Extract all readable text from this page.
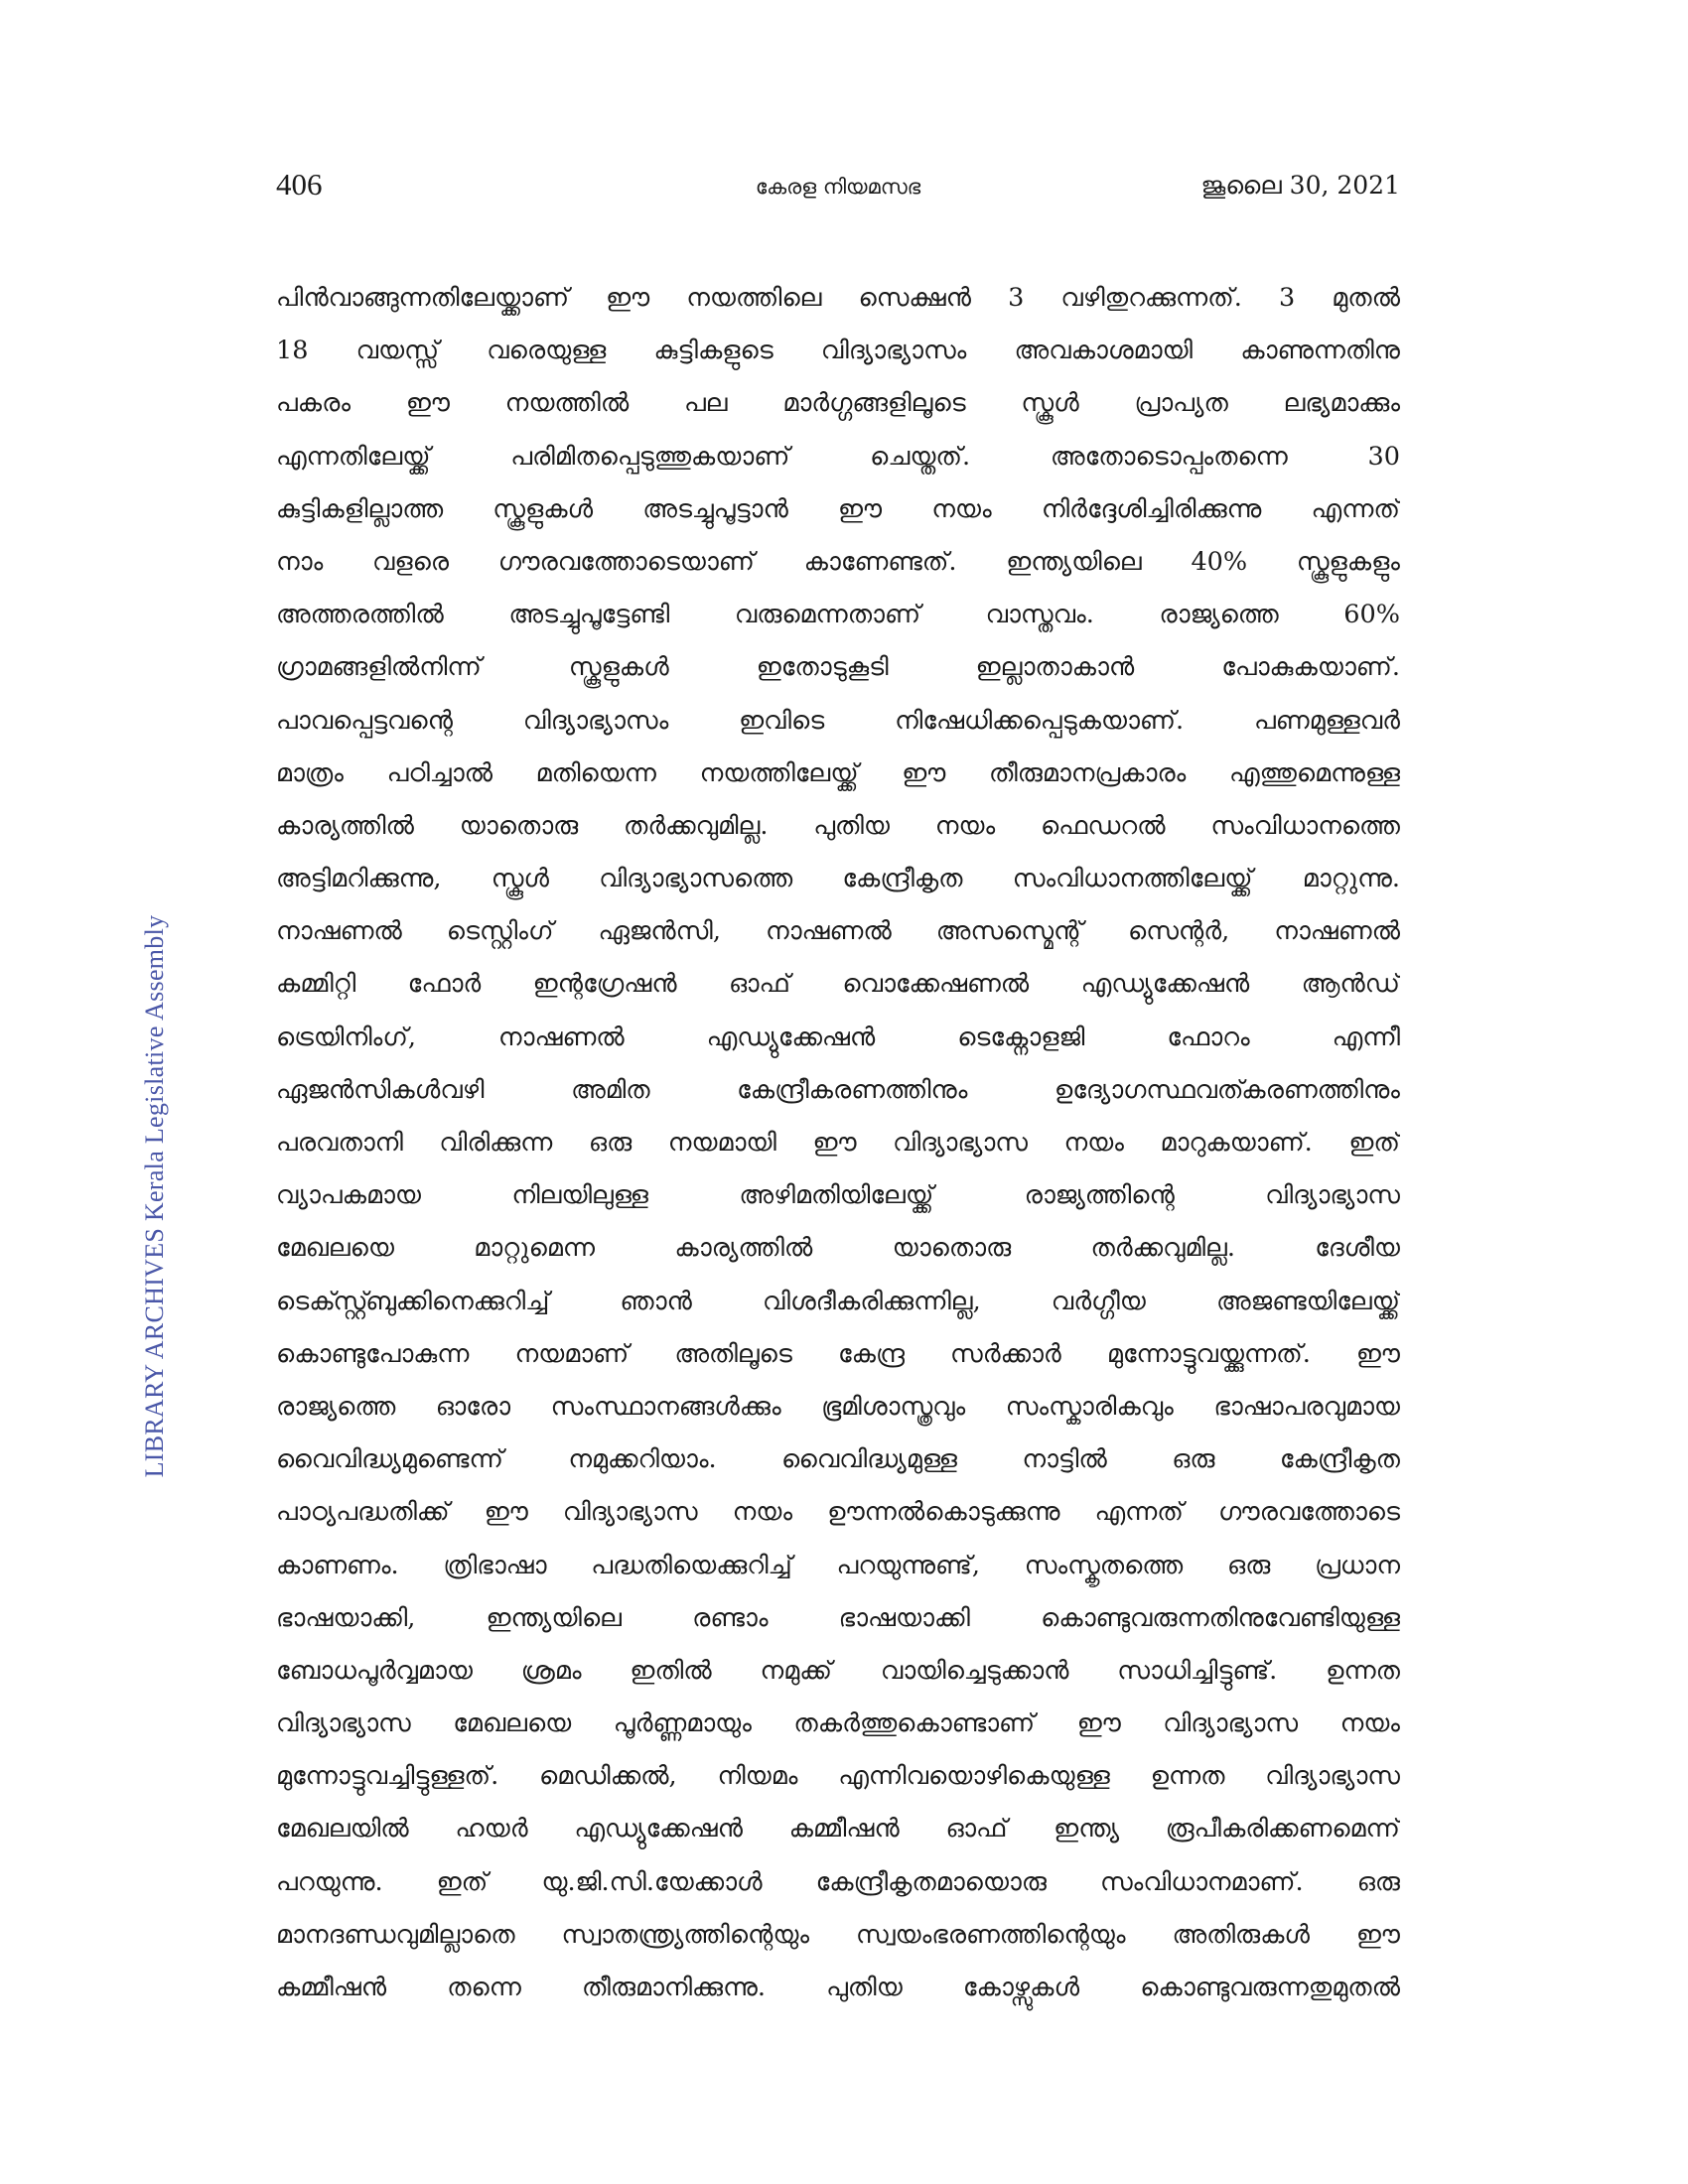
406	കേരള നിയമസഭ	ജൂലൈ 30, 2021
LIBRARY ARCHIVES Kerala Legislative Assembly
പിൻവാങ്ങുന്നതിലേയ്ക്കാണ് ഈ നയത്തിലെ സെക്ഷൻ 3 വഴിതുറക്കുന്നത്. 3 മുതൽ
18 വയസ്സ് വരെയുള്ള കുട്ടികളുടെ വിദ്യാഭ്യാസം അവകാശമായി കാണുന്നതിനു
പകരം ഈ നയത്തിൽ പല മാർഗ്ഗങ്ങളിലൂടെ സ്കൂൾ പ്രാപ്യത ലഭ്യമാക്കും
എന്നതിലേയ്ക്ക് പരിമിതപ്പെടുത്തുകയാണ് ചെയ്തത്. അതോടൊപ്പംതന്നെ 30
കുട്ടികളില്ലാത്ത സ്കൂളുകൾ അടച്ചുപൂട്ടാൻ ഈ നയം നിർദ്ദേശിച്ചിരിക്കുന്നു എന്നത്
നാം വളരെ ഗൗരവത്തോടെയാണ് കാണേണ്ടത്. ഇന്ത്യയിലെ 40% സ്കൂളുകളും
അത്തരത്തിൽ അടച്ചുപൂട്ടേണ്ടി വരുമെന്നതാണ് വാസ്തവം. രാജ്യത്തെ 60%
ഗ്രാമങ്ങളിൽനിന്ന് സ്കൂളുകൾ ഇതോടുകൂടി ഇല്ലാതാകാൻ പോകുകയാണ്.
പാവപ്പെട്ടവന്റെ വിദ്യാഭ്യാസം ഇവിടെ നിഷേധിക്കപ്പെടുകയാണ്. പണമുള്ളവർ
മാത്രം പഠിച്ചാൽ മതിയെന്ന നയത്തിലേയ്ക്ക് ഈ തീരുമാനപ്രകാരം എത്തുമെന്നുള്ള
കാര്യത്തിൽ യാതൊരു തർക്കവുമില്ല. പുതിയ നയം ഫെഡറൽ സംവിധാനത്തെ
അട്ടിമറിക്കുന്നു, സ്കൂൾ വിദ്യാഭ്യാസത്തെ കേന്ദ്രീകൃത സംവിധാനത്തിലേയ്ക്ക് മാറ്റുന്നു.
നാഷണൽ ടെസ്റ്റിംഗ് ഏജൻസി, നാഷണൽ അസസ്മെന്റ് സെന്റർ, നാഷണൽ
കമ്മിറ്റി ഫോർ ഇന്റഗ്രേഷൻ ഓഫ് വൊക്കേഷണൽ എഡ്യുക്കേഷൻ ആൻഡ്
ട്രെയിനിംഗ്, നാഷണൽ എഡ്യുക്കേഷൻ ടെക്നോളജി ഫോറം എന്നീ
ഏജൻസികൾവഴി അമിത കേന്ദ്രീകരണത്തിനും ഉദ്യോഗസ്ഥവത്കരണത്തിനും
പരവതാനി വിരിക്കുന്ന ഒരു നയമായി ഈ വിദ്യാഭ്യാസ നയം മാറുകയാണ്. ഇത്
വ്യാപകമായ നിലയിലുള്ള അഴിമതിയിലേയ്ക്ക് രാജ്യത്തിന്റെ വിദ്യാഭ്യാസ
മേഖലയെ മാറ്റുമെന്ന കാര്യത്തിൽ യാതൊരു തർക്കവുമില്ല. ദേശീയ
ടെക്സ്റ്റ്ബുക്കിനെക്കുറിച്ച് ഞാൻ വിശദീകരിക്കുന്നില്ല, വർഗ്ഗീയ അജണ്ടയിലേയ്ക്ക്
കൊണ്ടുപോകുന്ന നയമാണ് അതിലൂടെ കേന്ദ്ര സർക്കാർ മുന്നോട്ടുവയ്ക്കുന്നത്. ഈ
രാജ്യത്തെ ഓരോ സംസ്ഥാനങ്ങൾക്കും ഭൂമിശാസ്ത്രവും സംസ്കാരികവും ഭാഷാപരവുമായ
വൈവിദ്ധ്യമുണ്ടെന്ന് നമുക്കറിയാം. വൈവിദ്ധ്യമുള്ള നാട്ടിൽ ഒരു കേന്ദ്രീകൃത
പാഠ്യപദ്ധതിക്ക് ഈ വിദ്യാഭ്യാസ നയം ഊന്നൽകൊടുക്കുന്നു എന്നത് ഗൗരവത്തോടെ
കാണണം. ത്രിഭാഷാ പദ്ധതിയെക്കുറിച്ച് പറയുന്നുണ്ട്, സംസ്കൃതത്തെ ഒരു പ്രധാന
ഭാഷയാക്കി, ഇന്ത്യയിലെ രണ്ടാം ഭാഷയാക്കി കൊണ്ടുവരുന്നതിനുവേണ്ടിയുള്ള
ബോധപൂർവ്വമായ ശ്രമം ഇതിൽ നമുക്ക് വായിച്ചെടുക്കാൻ സാധിച്ചിട്ടുണ്ട്. ഉന്നത
വിദ്യാഭ്യാസ മേഖലയെ പൂർണ്ണമായും തകർത്തുകൊണ്ടാണ് ഈ വിദ്യാഭ്യാസ നയം
മുന്നോട്ടുവച്ചിട്ടുള്ളത്. മെഡിക്കൽ, നിയമം എന്നിവയൊഴികെയുള്ള ഉന്നത വിദ്യാഭ്യാസ
മേഖലയിൽ ഹയർ എഡ്യുക്കേഷൻ കമ്മീഷൻ ഓഫ് ഇന്ത്യ രൂപീകരിക്കണമെന്ന്
പറയുന്നു. ഇത് യു.ജി.സി.യേക്കാൾ കേന്ദ്രീകൃതമായൊരു സംവിധാനമാണ്. ഒരു
മാനദണ്ഡവുമില്ലാതെ സ്വാതന്ത്ര്യത്തിന്റെയും സ്വയംഭരണത്തിന്റെയും അതിരുകൾ ഈ
കമ്മീഷൻ തന്നെ തീരുമാനിക്കുന്നു. പുതിയ കോഴ്സുകൾ കൊണ്ടുവരുന്നതുമുതൽ
